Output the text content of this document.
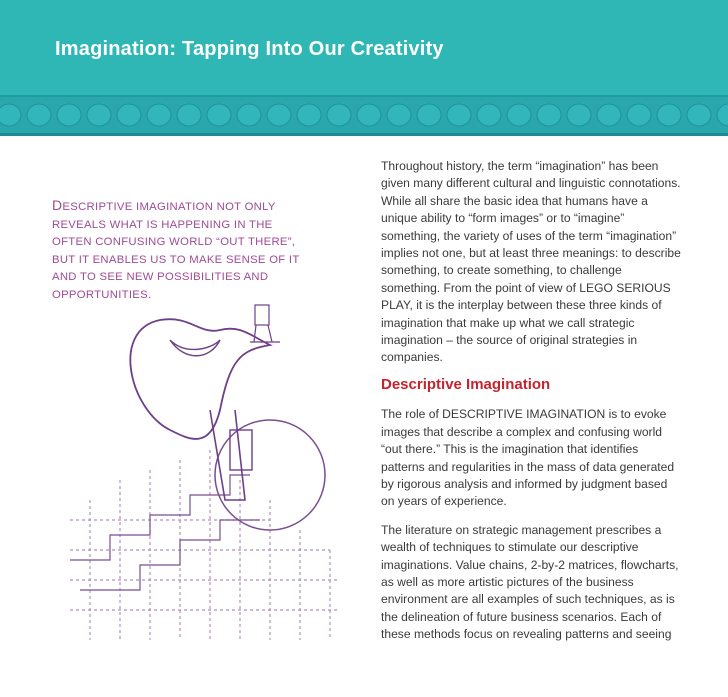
Imagination: Tapping Into Our Creativity
DESCRIPTIVE IMAGINATION NOT ONLY REVEALS WHAT IS HAPPENING IN THE OFTEN CONFUSING WORLD “OUT THERE”, BUT IT ENABLES US TO MAKE SENSE OF IT AND TO SEE NEW POSSIBILITIES AND OPPORTUNITIES.

Throughout history, the term “imagination” has been given many different cultural and linguistic connotations. While all share the basic idea that humans have a unique ability to “form images” or to “imagine” something, the variety of uses of the term “imagination” implies not one, but at least three meanings: to describe something, to create something, to challenge something. From the point of view of LEGO SERIOUS PLAY, it is the interplay between these three kinds of imagination that make up what we call strategic imagination – the source of original strategies in companies.

Descriptive Imagination

The role of DESCRIPTIVE IMAGINATION is to evoke images that describe a complex and confusing world “out there.” This is the imagination that identifies patterns and regularities in the mass of data generated by rigorous analysis and informed by judgment based on years of experience.

The literature on strategic management prescribes a wealth of techniques to stimulate our descriptive imaginations. Value chains, 2-by-2 matrices, flowcharts, as well as more artistic pictures of the business environment are all examples of such techniques, as is the delineation of future business scenarios. Each of these methods focus on revealing patterns and seeing
